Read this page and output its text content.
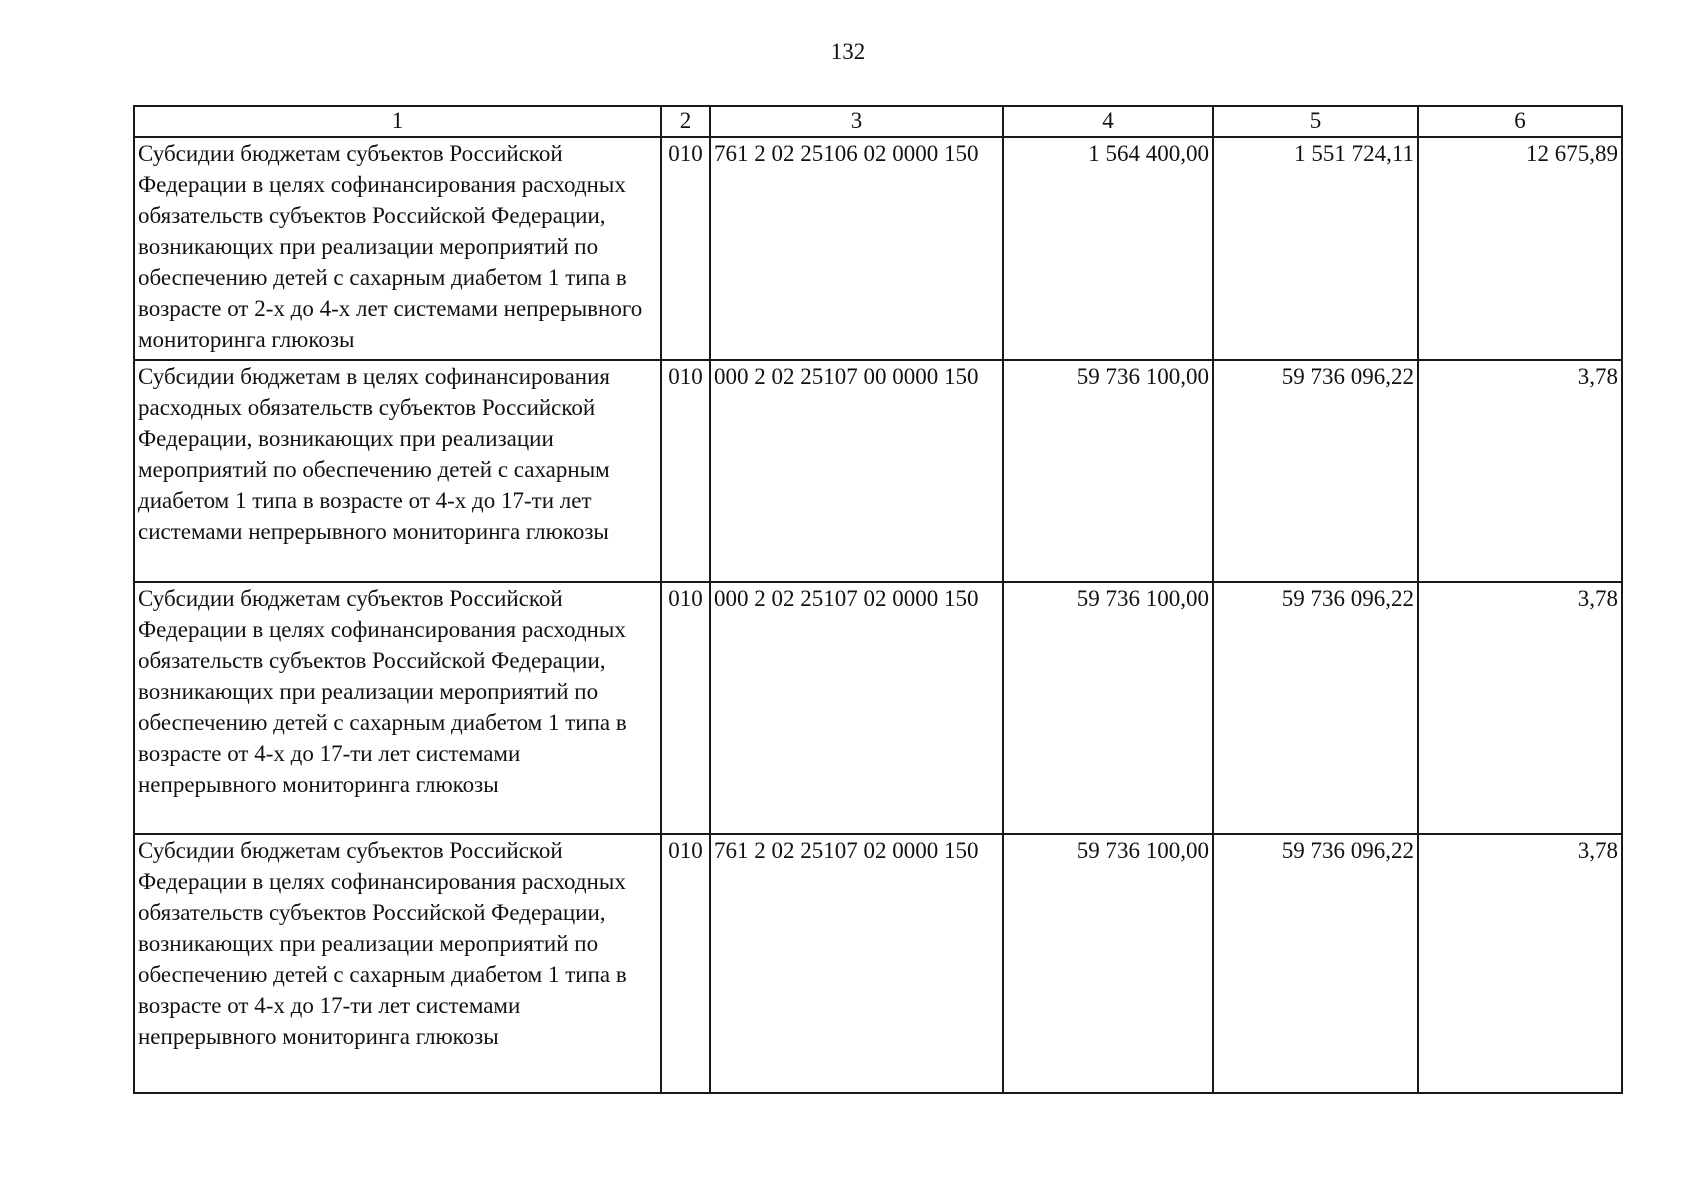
132
1	2	3	4	5	6
Субсидии бюджетам субъектов Российской Федерации в целях софинансирования расходных обязательств субъектов Российской Федерации, возникающих при реализации мероприятий по обеспечению детей с сахарным диабетом 1 типа в возрасте от 2-х до 4-х лет системами непрерывного мониторинга глюкозы	010	761 2 02 25106 02 0000 150	1 564 400,00	1 551 724,11	12 675,89
Субсидии бюджетам в целях софинансирования расходных обязательств субъектов Российской Федерации, возникающих при реализации мероприятий по обеспечению детей с сахарным диабетом 1 типа в возрасте от 4-х до 17-ти лет системами непрерывного мониторинга глюкозы	010	000 2 02 25107 00 0000 150	59 736 100,00	59 736 096,22	3,78
Субсидии бюджетам субъектов Российской Федерации в целях софинансирования расходных обязательств субъектов Российской Федерации, возникающих при реализации мероприятий по обеспечению детей с сахарным диабетом 1 типа в возрасте от 4-х до 17-ти лет системами непрерывного мониторинга глюкозы	010	000 2 02 25107 02 0000 150	59 736 100,00	59 736 096,22	3,78
Субсидии бюджетам субъектов Российской Федерации в целях софинансирования расходных обязательств субъектов Российской Федерации, возникающих при реализации мероприятий по обеспечению детей с сахарным диабетом 1 типа в возрасте от 4-х до 17-ти лет системами непрерывного мониторинга глюкозы	010	761 2 02 25107 02 0000 150	59 736 100,00	59 736 096,22	3,78
